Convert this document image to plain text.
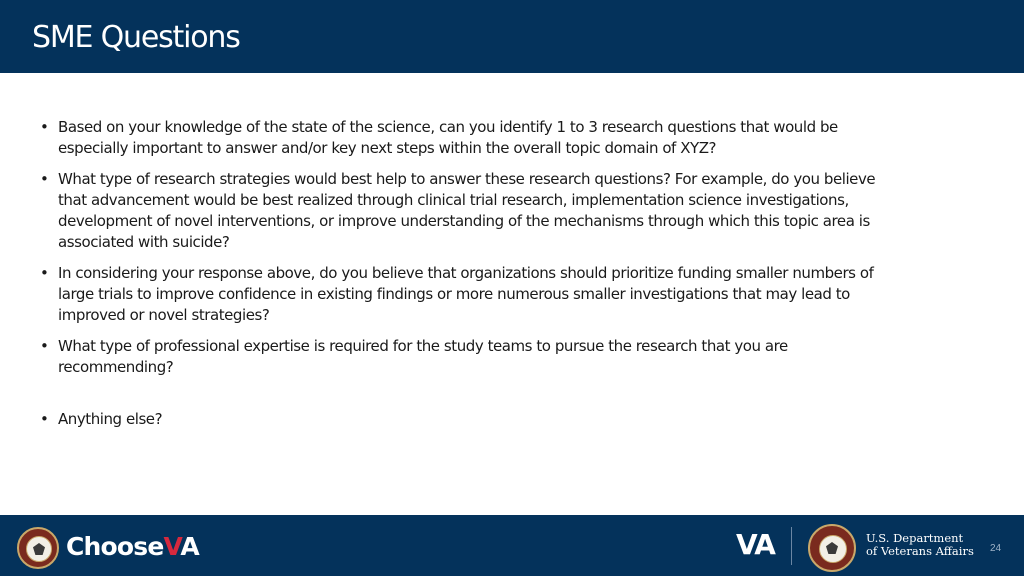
SME Questions
• Based on your knowledge of the state of the science, can you identify 1 to 3 research questions that would be especially important to answer and/or key next steps within the overall topic domain of XYZ?
• What type of research strategies would best help to answer these research questions? For example, do you believe that advancement would be best realized through clinical trial research, implementation science investigations, development of novel interventions, or improve understanding of the mechanisms through which this topic area is associated with suicide?
• In considering your response above, do you believe that organizations should prioritize funding smaller numbers of large trials to improve confidence in existing findings or more numerous smaller investigations that may lead to improved or novel strategies?
• What type of professional expertise is required for the study teams to pursue the research that you are recommending?
• Anything else?
ChooseVA	VA	U.S. Department
of Veterans Affairs 24
